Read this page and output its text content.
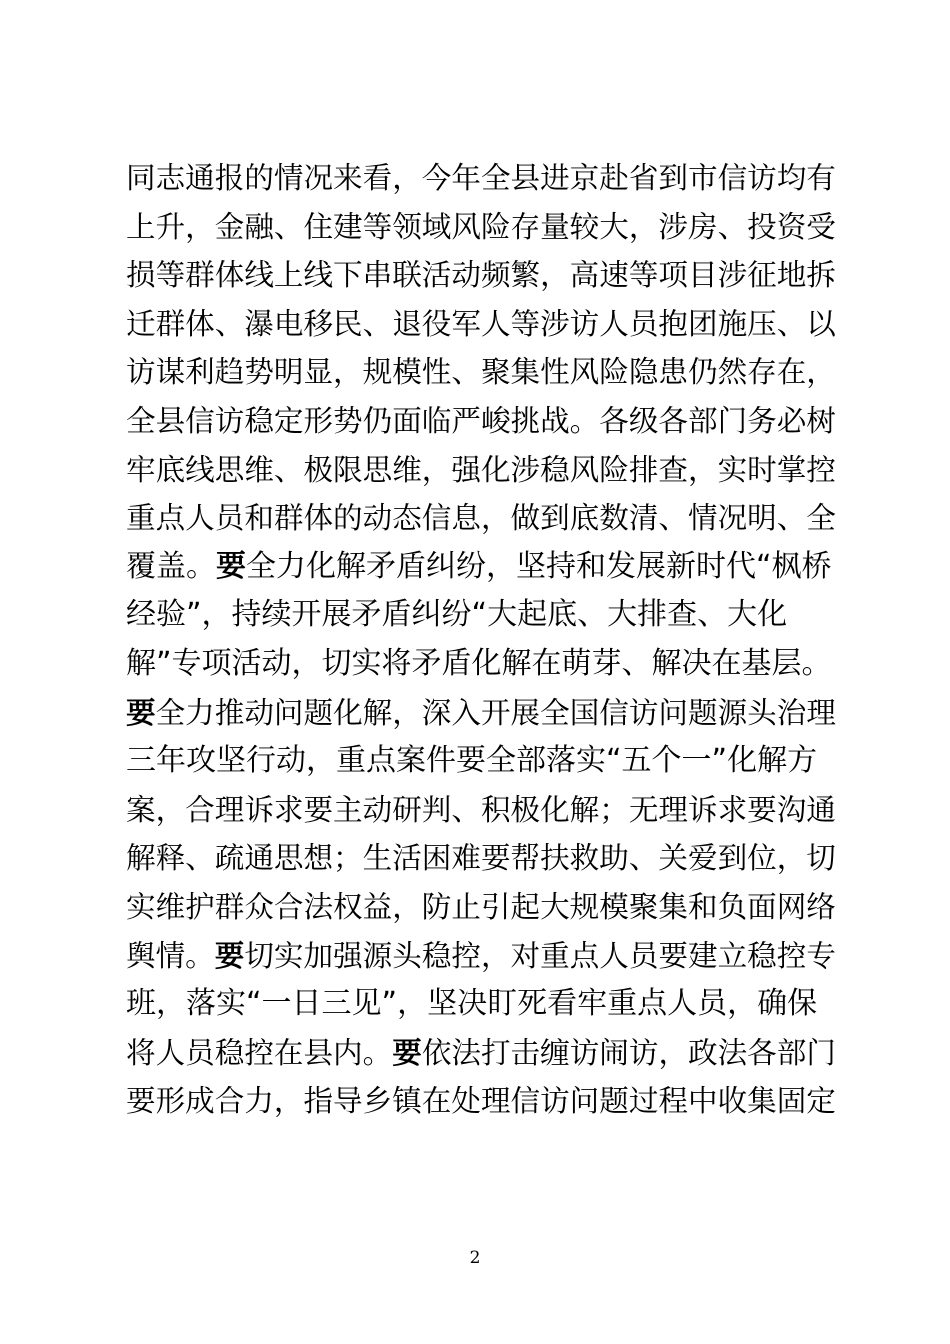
同志通报的情况来看，今年全县进京赴省到市信访均有
上升，金融、住建等领域风险存量较大，涉房、投资受
损等群体线上线下串联活动频繁，高速等项目涉征地拆
迁群体、瀑电移民、退役军人等涉访人员抱团施压、以
访谋利趋势明显，规模性、聚集性风险隐患仍然存在，
全县信访稳定形势仍面临严峻挑战。各级各部门务必树
牢底线思维、极限思维，强化涉稳风险排查，实时掌控
重点人员和群体的动态信息，做到底数清、情况明、全
覆盖。要全力化解矛盾纠纷，坚持和发展新时代“枫桥
经验”，持续开展矛盾纠纷“大起底、大排查、大化
解”专项活动，切实将矛盾化解在萌芽、解决在基层。
要全力推动问题化解，深入开展全国信访问题源头治理
三年攻坚行动，重点案件要全部落实“五个一”化解方
案，合理诉求要主动研判、积极化解；无理诉求要沟通
解释、疏通思想；生活困难要帮扶救助、关爱到位，切
实维护群众合法权益，防止引起大规模聚集和负面网络
舆情。要切实加强源头稳控，对重点人员要建立稳控专
班，落实“一日三见”，坚决盯死看牢重点人员，确保
将人员稳控在县内。要依法打击缠访闹访，政法各部门
要形成合力，指导乡镇在处理信访问题过程中收集固定
2
